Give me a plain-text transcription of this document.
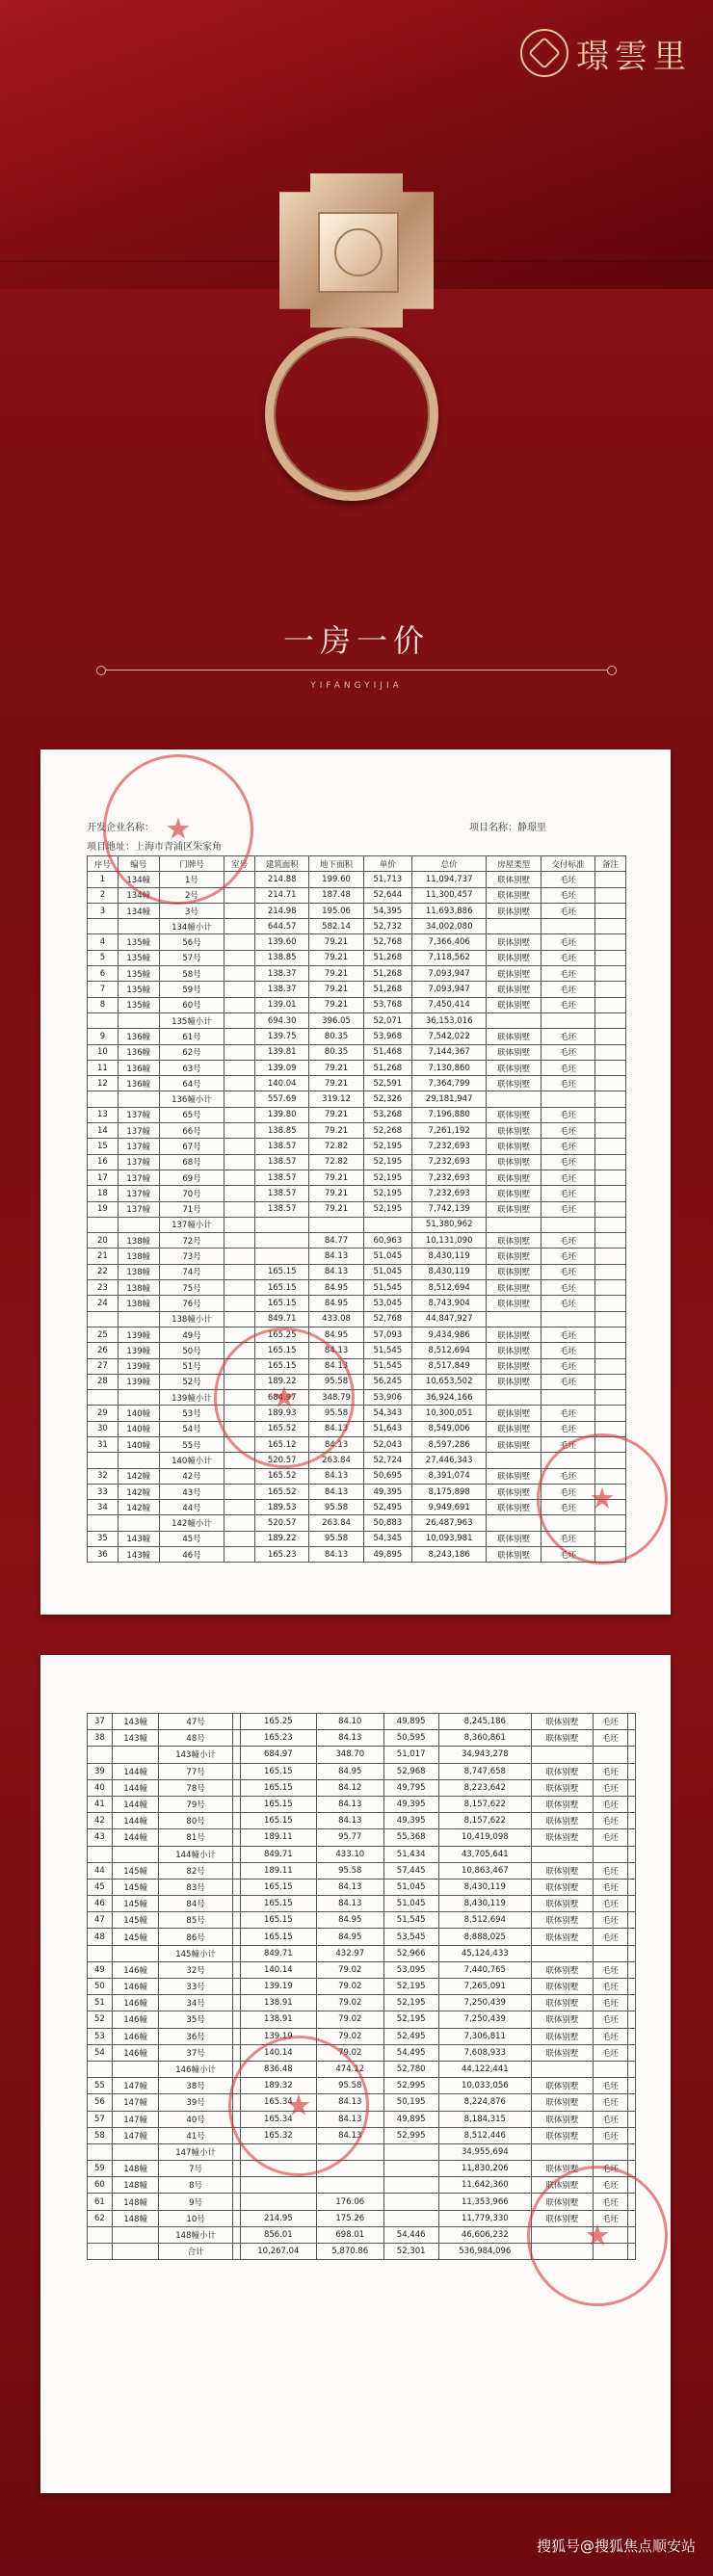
璟雲里
一房一价
YIFANGYIJIA
开发企业名称：	项目名称：静璟里
项目地址：上海市青浦区朱家角
序号	编号	门牌号	室号	建筑面积	地下面积	单价	总价	房屋类型	交付标准	备注
1	134幢	1号		214.88	199.60	51,713	11,094,737	联体别墅	毛坯	
2	134幢	2号		214.71	187.48	52,644	11,300,457	联体别墅	毛坯	
3	134幢	3号		214.98	195.06	54,395	11,693,886	联体别墅	毛坯	
		134幢小计		644.57	582.14	52,732	34,002,080			
4	135幢	56号		139.60	79.21	52,768	7,366,406	联体别墅	毛坯	
5	135幢	57号		138.85	79.21	51,268	7,118,562	联体别墅	毛坯	
6	135幢	58号		138.37	79.21	51,268	7,093,947	联体别墅	毛坯	
7	135幢	59号		138.37	79.21	51,268	7,093,947	联体别墅	毛坯	
8	135幢	60号		139.01	79.21	53,768	7,450,414	联体别墅	毛坯	
		135幢小计		694.30	396.05	52,071	36,153,016			
9	136幢	61号		139.75	80.35	53,968	7,542,022	联体别墅	毛坯	
10	136幢	62号		139.81	80.35	51,468	7,144,367	联体别墅	毛坯	
11	136幢	63号		139.09	79.21	51,268	7,130,860	联体别墅	毛坯	
12	136幢	64号		140.04	79.21	52,591	7,364,799	联体别墅	毛坯	
		136幢小计		557.69	319.12	52,326	29,181,947			
13	137幢	65号		139.80	79.21	53,268	7,196,880	联体别墅	毛坯	
14	137幢	66号		138.85	79.21	52,268	7,261,192	联体别墅	毛坯	
15	137幢	67号		138.57	72.82	52,195	7,232,693	联体别墅	毛坯	
16	137幢	68号		138.57	72.82	52,195	7,232,693	联体别墅	毛坯	
17	137幢	69号		138.57	79.21	52,195	7,232,693	联体别墅	毛坯	
18	137幢	70号		138.57	79.21	52,195	7,232,693	联体别墅	毛坯	
19	137幢	71号		138.57	79.21	52,195	7,742,139	联体别墅	毛坯	
		137幢小计					51,380,962			
20	138幢	72号			84.77	60,963	10,131,090	联体别墅	毛坯	
21	138幢	73号			84.13	51,045	8,430,119	联体别墅	毛坯	
22	138幢	74号		165.15	84.13	51,045	8,430,119	联体别墅	毛坯	
23	138幢	75号		165.15	84.95	51,545	8,512,694	联体别墅	毛坯	
24	138幢	76号		165.15	84.95	53,045	8,743,904	联体别墅	毛坯	
		138幢小计		849.71	433.08	52,768	44,847,927			
25	139幢	49号		165.25	84.95	57,093	9,434,986	联体别墅	毛坯	
26	139幢	50号		165.15	84.13	51,545	8,512,694	联体别墅	毛坯	
27	139幢	51号		165.15	84.13	51,545	8,517,849	联体别墅	毛坯	
28	139幢	52号		189.22	95.58	56,245	10,653,502	联体别墅	毛坯	
		139幢小计		684.97	348.79	53,906	36,924,166			
29	140幢	53号		189.93	95.58	54,343	10,300,051	联体别墅	毛坯	
30	140幢	54号		165.52	84.13	51,643	8,549,006	联体别墅	毛坯	
31	140幢	55号		165.12	84.13	52,043	8,597,286	联体别墅	毛坯	
		140幢小计		520.57	263.84	52,724	27,446,343			
32	142幢	42号		165.52	84.13	50,695	8,391,074	联体别墅	毛坯	
33	142幢	43号		165.52	84.13	49,395	8,175,898	联体别墅	毛坯	
34	142幢	44号		189.53	95.58	52,495	9,949,691	联体别墅	毛坯	
		142幢小计		520.57	263.84	50,883	26,487,963			
35	143幢	45号		189.22	95.58	54,345	10,093,981	联体别墅	毛坯	
36	143幢	46号		165.23	84.13	49,895	8,243,186	联体别墅	毛坯	
★
★
★
37	143幢	47号		165.25	84.10	49,895	8,245,186	联体别墅	毛坯	
38	143幢	48号		165.23	84.13	50,595	8,360,861	联体别墅	毛坯	
		143幢小计		684.97	348.70	51,017	34,943,278			
39	144幢	77号		165.15	84.95	52,968	8,747,658	联体别墅	毛坯	
40	144幢	78号		165.15	84.12	49,795	8,223,642	联体别墅	毛坯	
41	144幢	79号		165.15	84.13	49,395	8,157,622	联体别墅	毛坯	
42	144幢	80号		165.15	84.13	49,395	8,157,622	联体别墅	毛坯	
43	144幢	81号		189.11	95.77	55,368	10,419,098	联体别墅	毛坯	
		144幢小计		849.71	433.10	51,434	43,705,641			
44	145幢	82号		189.11	95.58	57,445	10,863,467	联体别墅	毛坯	
45	145幢	83号		165.15	84.13	51,045	8,430,119	联体别墅	毛坯	
46	145幢	84号		165.15	84.13	51,045	8,430,119	联体别墅	毛坯	
47	145幢	85号		165.15	84.95	51,545	8,512,694	联体别墅	毛坯	
48	145幢	86号		165.15	84.95	53,545	8,888,025	联体别墅	毛坯	
		145幢小计		849.71	432.97	52,966	45,124,433			
49	146幢	32号		140.14	79.02	53,095	7,440,765	联体别墅	毛坯	
50	146幢	33号		139.19	79.02	52,195	7,265,091	联体别墅	毛坯	
51	146幢	34号		138.91	79.02	52,195	7,250,439	联体别墅	毛坯	
52	146幢	35号		138.91	79.02	52,195	7,250,439	联体别墅	毛坯	
53	146幢	36号		139.19	79.02	52,495	7,306,811	联体别墅	毛坯	
54	146幢	37号		140.14	79.02	54,495	7,608,933	联体别墅	毛坯	
		146幢小计		836.48	474.12	52,780	44,122,441			
55	147幢	38号		189.32	95.58	52,995	10,033,056	联体别墅	毛坯	
56	147幢	39号		165.34	84.13	50,195	8,224,876	联体别墅	毛坯	
57	147幢	40号		165.34	84.13	49,895	8,184,315	联体别墅	毛坯	
58	147幢	41号		165.32	84.13	52,995	8,512,446	联体别墅	毛坯	
		147幢小计					34,955,694			
59	148幢	7号					11,830,206	联体别墅	毛坯	
60	148幢	8号					11,642,360	联体别墅	毛坯	
61	148幢	9号			176.06		11,353,966	联体别墅	毛坯	
62	148幢	10号		214.95	175.26		11,779,330	联体别墅	毛坯	
		148幢小计		856.01	698.01	54,446	46,606,232			
		合计		10,267.04	5,870.86	52,301	536,984,096			
★
★
搜狐号@搜狐焦点顺安站
